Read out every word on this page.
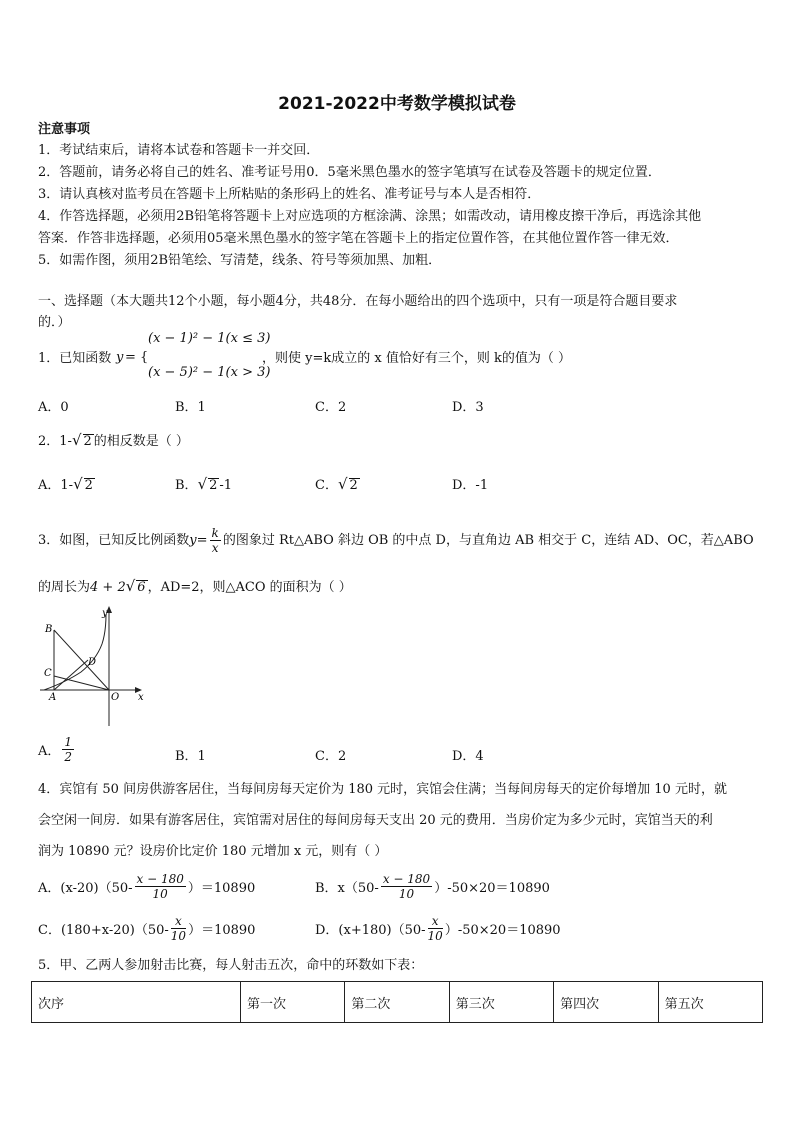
2021-2022中考数学模拟试卷
注意事项
1．考试结束后，请将本试卷和答题卡一并交回．
2．答题前，请务必将自己的姓名、准考证号用0．5毫米黑色墨水的签字笔填写在试卷及答题卡的规定位置．
3．请认真核对监考员在答题卡上所粘贴的条形码上的姓名、准考证号与本人是否相符．
4．作答选择题，必须用2B铅笔将答题卡上对应选项的方框涂满、涂黑；如需改动，请用橡皮擦干净后，再选涂其他
答案．作答非选择题，必须用05毫米黑色墨水的签字笔在答题卡上的指定位置作答，在其他位置作答一律无效．
5．如需作图，须用2B铅笔绘、写清楚，线条、符号等须加黑、加粗．
一、选择题（本大题共12个小题，每小题4分，共48分．在每小题给出的四个选项中，只有一项是符合题目要求
的．）
1．已知函数 y = {
(x − 1)² − 1(x ≤ 3)
(x − 5)² − 1(x > 3)
，则使 y=k成立的 x 值恰好有三个，则 k的值为（ ）
A．0	B．1	C．2	D．3
2．1-√ 2 的相反数是（ ）
A．1-√ 2	B．√ 2 -1	C．√ 2	D．-1
3．如图，已知反比例函数$y= \frac{k}{x}$ 的图象过 Rt△ABO 斜边 OB 的中点 D，与直角边 AB 相交于 C，连结 AD、OC，若△ABO
的周长为4 + 2√ 6 ，AD=2，则△ACO 的面积为（ ）
y
x
B
C
D
A	O
A． $\frac{1}{2}$	B．1	C．2	D．4
4．宾馆有 50 间房供游客居住，当每间房每天定价为 180 元时，宾馆会住满；当每间房每天的定价每增加 10 元时，就
会空闲一间房．如果有游客居住，宾馆需对居住的每间房每天支出 20 元的费用．当房价定为多少元时，宾馆当天的利
润为 10890 元？设房价比定价 180 元增加 x 元，则有（ ）
A．$(x-20)(50- \frac{x - 180}{10} )=10890$	B．$x(50- \frac{x - 180}{10} )-50\times 20=10890$
C．$(180+x-20)(50- \frac{x}{10} )=10890$	D．$(x+180)(50- \frac{x}{10} )-50\times 20=10890$
5．甲、乙两人参加射击比赛，每人射击五次，命中的环数如下表：
次序	第一次	第二次	第三次	第四次	第五次
